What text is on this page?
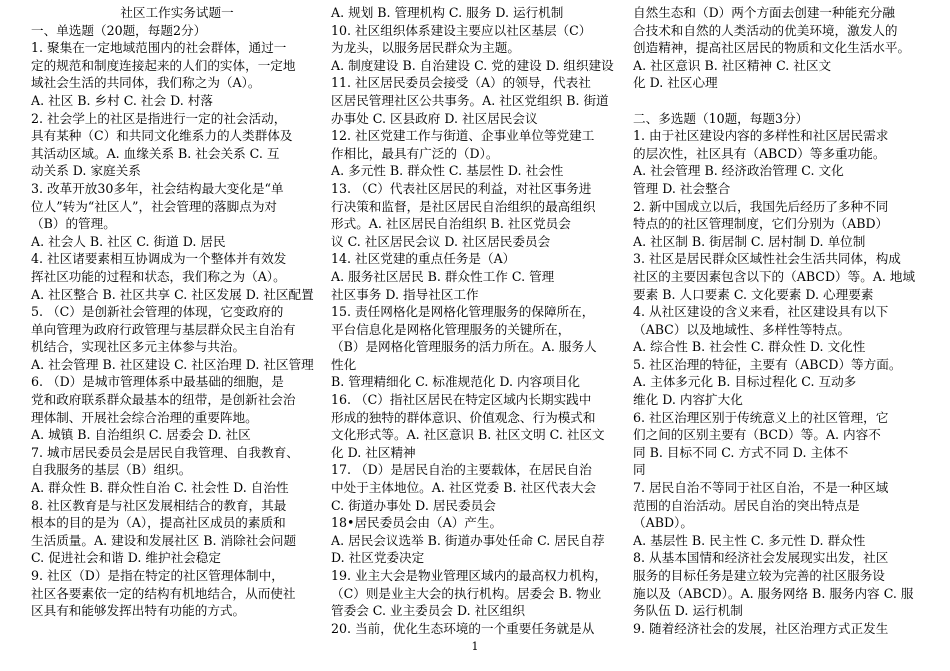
社区工作实务试题一
一、单选题（20题，每题2分）
1. 聚集在一定地域范围内的社会群体，通过一
定的规范和制度连接起来的人们的实体，一定地
域社会生活的共同体，我们称之为（A）。
A. 社区 B. 乡村 C. 社会 D. 村落
2. 社会学上的社区是指进行一定的社会活动，
具有某种（C）和共同文化维系力的人类群体及
其活动区域。A. 血缘关系 B. 社会关系 C. 互
动关系 D. 家庭关系
3. 改革开放30多年，社会结构最大变化是“单
位人”转为“社区人”，社会管理的落脚点为对
（B）的管理。
A. 社会人 B. 社区 C. 街道 D. 居民
4. 社区诸要素相互协调成为一个整体并有效发
挥社区功能的过程和状态，我们称之为（A）。
A. 社区整合 B. 社区共享 C. 社区发展 D. 社区配置
5. （C）是创新社会管理的体现，它变政府的
单向管理为政府行政管理与基层群众民主自治有
机结合，实现社区多元主体参与共治。
A. 社会管理 B. 社区建设 C. 社区治理 D. 社区管理
6. （D）是城市管理体系中最基础的细胞，是
党和政府联系群众最基本的纽带，是创新社会治
理体制、开展社会综合治理的重要阵地。
A. 城镇 B. 自治组织 C. 居委会 D. 社区
7. 城市居民委员会是居民自我管理、自我教育、
自我服务的基层（B）组织。
A. 群众性 B. 群众性自治 C. 社会性 D. 自治性
8. 社区教育是与社区发展相结合的教育，其最
根本的目的是为（A），提高社区成员的素质和
生活质量。A. 建设和发展社区 B. 消除社会问题
C. 促进社会和谐 D. 维护社会稳定
9. 社区（D）是指在特定的社区管理体制中，
社区各要素依一定的结构有机地结合，从而使社
区具有和能够发挥出特有功能的方式。
A. 规划 B. 管理机构 C. 服务 D. 运行机制
10. 社区组织体系建设主要应以社区基层（C）
为龙头，以服务居民群众为主题。
A. 制度建设 B. 自治建设 C. 党的建设 D. 组织建设
11. 社区居民委员会接受（A）的领导，代表社
区居民管理社区公共事务。A. 社区党组织 B. 街道
办事处 C. 区县政府 D. 社区居民会议
12. 社区党建工作与街道、企事业单位等党建工
作相比，最具有广泛的（D）。
A. 多元性 B. 群众性 C. 基层性 D. 社会性
13. （C）代表社区居民的利益，对社区事务进
行决策和监督，是社区居民自治组织的最高组织
形式。A. 社区居民自治组织 B. 社区党员会
议 C. 社区居民会议 D. 社区居民委员会
14. 社区党建的重点任务是（A）
A. 服务社区居民 B. 群众性工作 C. 管理
社区事务 D. 指导社区工作
15. 责任网格化是网格化管理服务的保障所在，
平台信息化是网格化管理服务的关键所在，
（B）是网格化管理服务的活力所在。A. 服务人
性化
B. 管理精细化 C. 标准规范化 D. 内容项目化
16. （C）指社区居民在特定区域内长期实践中
形成的独特的群体意识、价值观念、行为模式和
文化形式等。A. 社区意识 B. 社区文明 C. 社区文
化 D. 社区精神
17. （D）是居民自治的主要载体，在居民自治
中处于主体地位。A. 社区党委 B. 社区代表大会
C. 街道办事处 D. 居民委员会
18•居民委员会由（A）产生。
A. 居民会议选举 B. 街道办事处任命 C. 居民自荐
D. 社区党委决定
19. 业主大会是物业管理区域内的最高权力机构，
（C）则是业主大会的执行机构。居委会 B. 物业
管委会 C. 业主委员会 D. 社区组织
20. 当前，优化生态环境的一个重要任务就是从
自然生态和（D）两个方面去创建一种能充分融
合技术和自然的人类活动的优美环境，激发人的
创造精神，提高社区居民的物质和文化生活水平。
A. 社区意识 B. 社区精神 C. 社区文
化 D. 社区心理
二、多选题（10题，每题3分）
1. 由于社区建设内容的多样性和社区居民需求
的层次性，社区具有（ABCD）等多重功能。
A. 社会管理 B. 经济政治管理 C. 文化
管理 D. 社会整合
2. 新中国成立以后，我国先后经历了多种不同
特点的的社区管理制度，它们分别为（ABD）
A. 社区制 B. 街居制 C. 居村制 D. 单位制
3. 社区是居民群众区域性社会生活共同体，构成
社区的主要因素包含以下的（ABCD）等。A. 地域
要素 B. 人口要素 C. 文化要素 D. 心理要素
4. 从社区建设的含义来看，社区建设具有以下
（ABC）以及地域性、多样性等特点。
A. 综合性 B. 社会性 C. 群众性 D. 文化性
5. 社区治理的特征，主要有（ABCD）等方面。
A. 主体多元化 B. 目标过程化 C. 互动多
维化 D. 内容扩大化
6. 社区治理区别于传统意义上的社区管理，它
们之间的区别主要有（BCD）等。A. 内容不
同 B. 目标不同 C. 方式不同 D. 主体不
同
7. 居民自治不等同于社区自治，不是一种区域
范围的自治活动。居民自治的突出特点是
（ABD）。
A. 基层性 B. 民主性 C. 多元性 D. 群众性
8. 从基本国情和经济社会发展现实出发，社区
服务的目标任务是建立较为完善的社区服务设
施以及（ABCD）。A. 服务网络 B. 服务内容 C. 服
务队伍 D. 运行机制
9. 随着经济社会的发展，社区治理方式正发生
1
